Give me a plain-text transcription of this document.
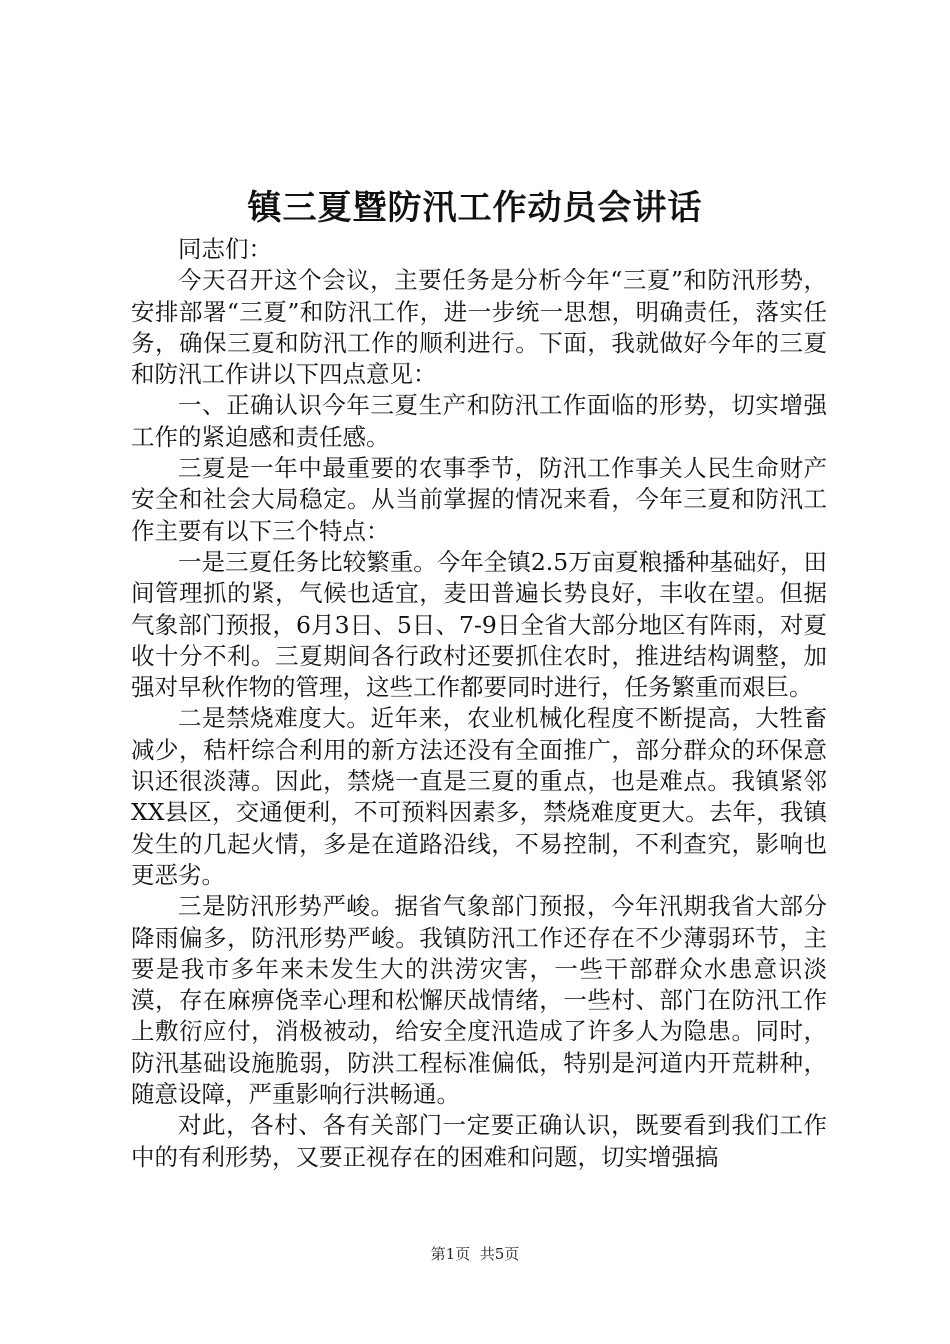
镇三夏暨防汛工作动员会讲话

同志们：

今天召开这个会议，主要任务是分析今年“三夏”和防汛形势，安排部署“三夏”和防汛工作，进一步统一思想，明确责任，落实任务，确保三夏和防汛工作的顺利进行。下面，我就做好今年的三夏和防汛工作讲以下四点意见：

一、正确认识今年三夏生产和防汛工作面临的形势，切实增强工作的紧迫感和责任感。

三夏是一年中最重要的农事季节，防汛工作事关人民生命财产安全和社会大局稳定。从当前掌握的情况来看，今年三夏和防汛工作主要有以下三个特点：

一是三夏任务比较繁重。今年全镇2.5万亩夏粮播种基础好，田间管理抓的紧，气候也适宜，麦田普遍长势良好，丰收在望。但据气象部门预报，6月3日、5日、7-9日全省大部分地区有阵雨，对夏收十分不利。三夏期间各行政村还要抓住农时，推进结构调整，加强对早秋作物的管理，这些工作都要同时进行，任务繁重而艰巨。

二是禁烧难度大。近年来，农业机械化程度不断提高，大牲畜减少，秸杆综合利用的新方法还没有全面推广，部分群众的环保意识还很淡薄。因此，禁烧一直是三夏的重点，也是难点。我镇紧邻XX县区，交通便利，不可预料因素多，禁烧难度更大。去年，我镇发生的几起火情，多是在道路沿线，不易控制，不利查究，影响也更恶劣。

三是防汛形势严峻。据省气象部门预报，今年汛期我省大部分降雨偏多，防汛形势严峻。我镇防汛工作还存在不少薄弱环节，主要是我市多年来未发生大的洪涝灾害，一些干部群众水患意识淡漠，存在麻痹侥幸心理和松懈厌战情绪，一些村、部门在防汛工作上敷衍应付，消极被动，给安全度汛造成了许多人为隐患。同时，防汛基础设施脆弱，防洪工程标准偏低，特别是河道内开荒耕种，随意设障，严重影响行洪畅通。

对此，各村、各有关部门一定要正确认识，既要看到我们工作中的有利形势，又要正视存在的困难和问题，切实增强搞

第1页 共5页
